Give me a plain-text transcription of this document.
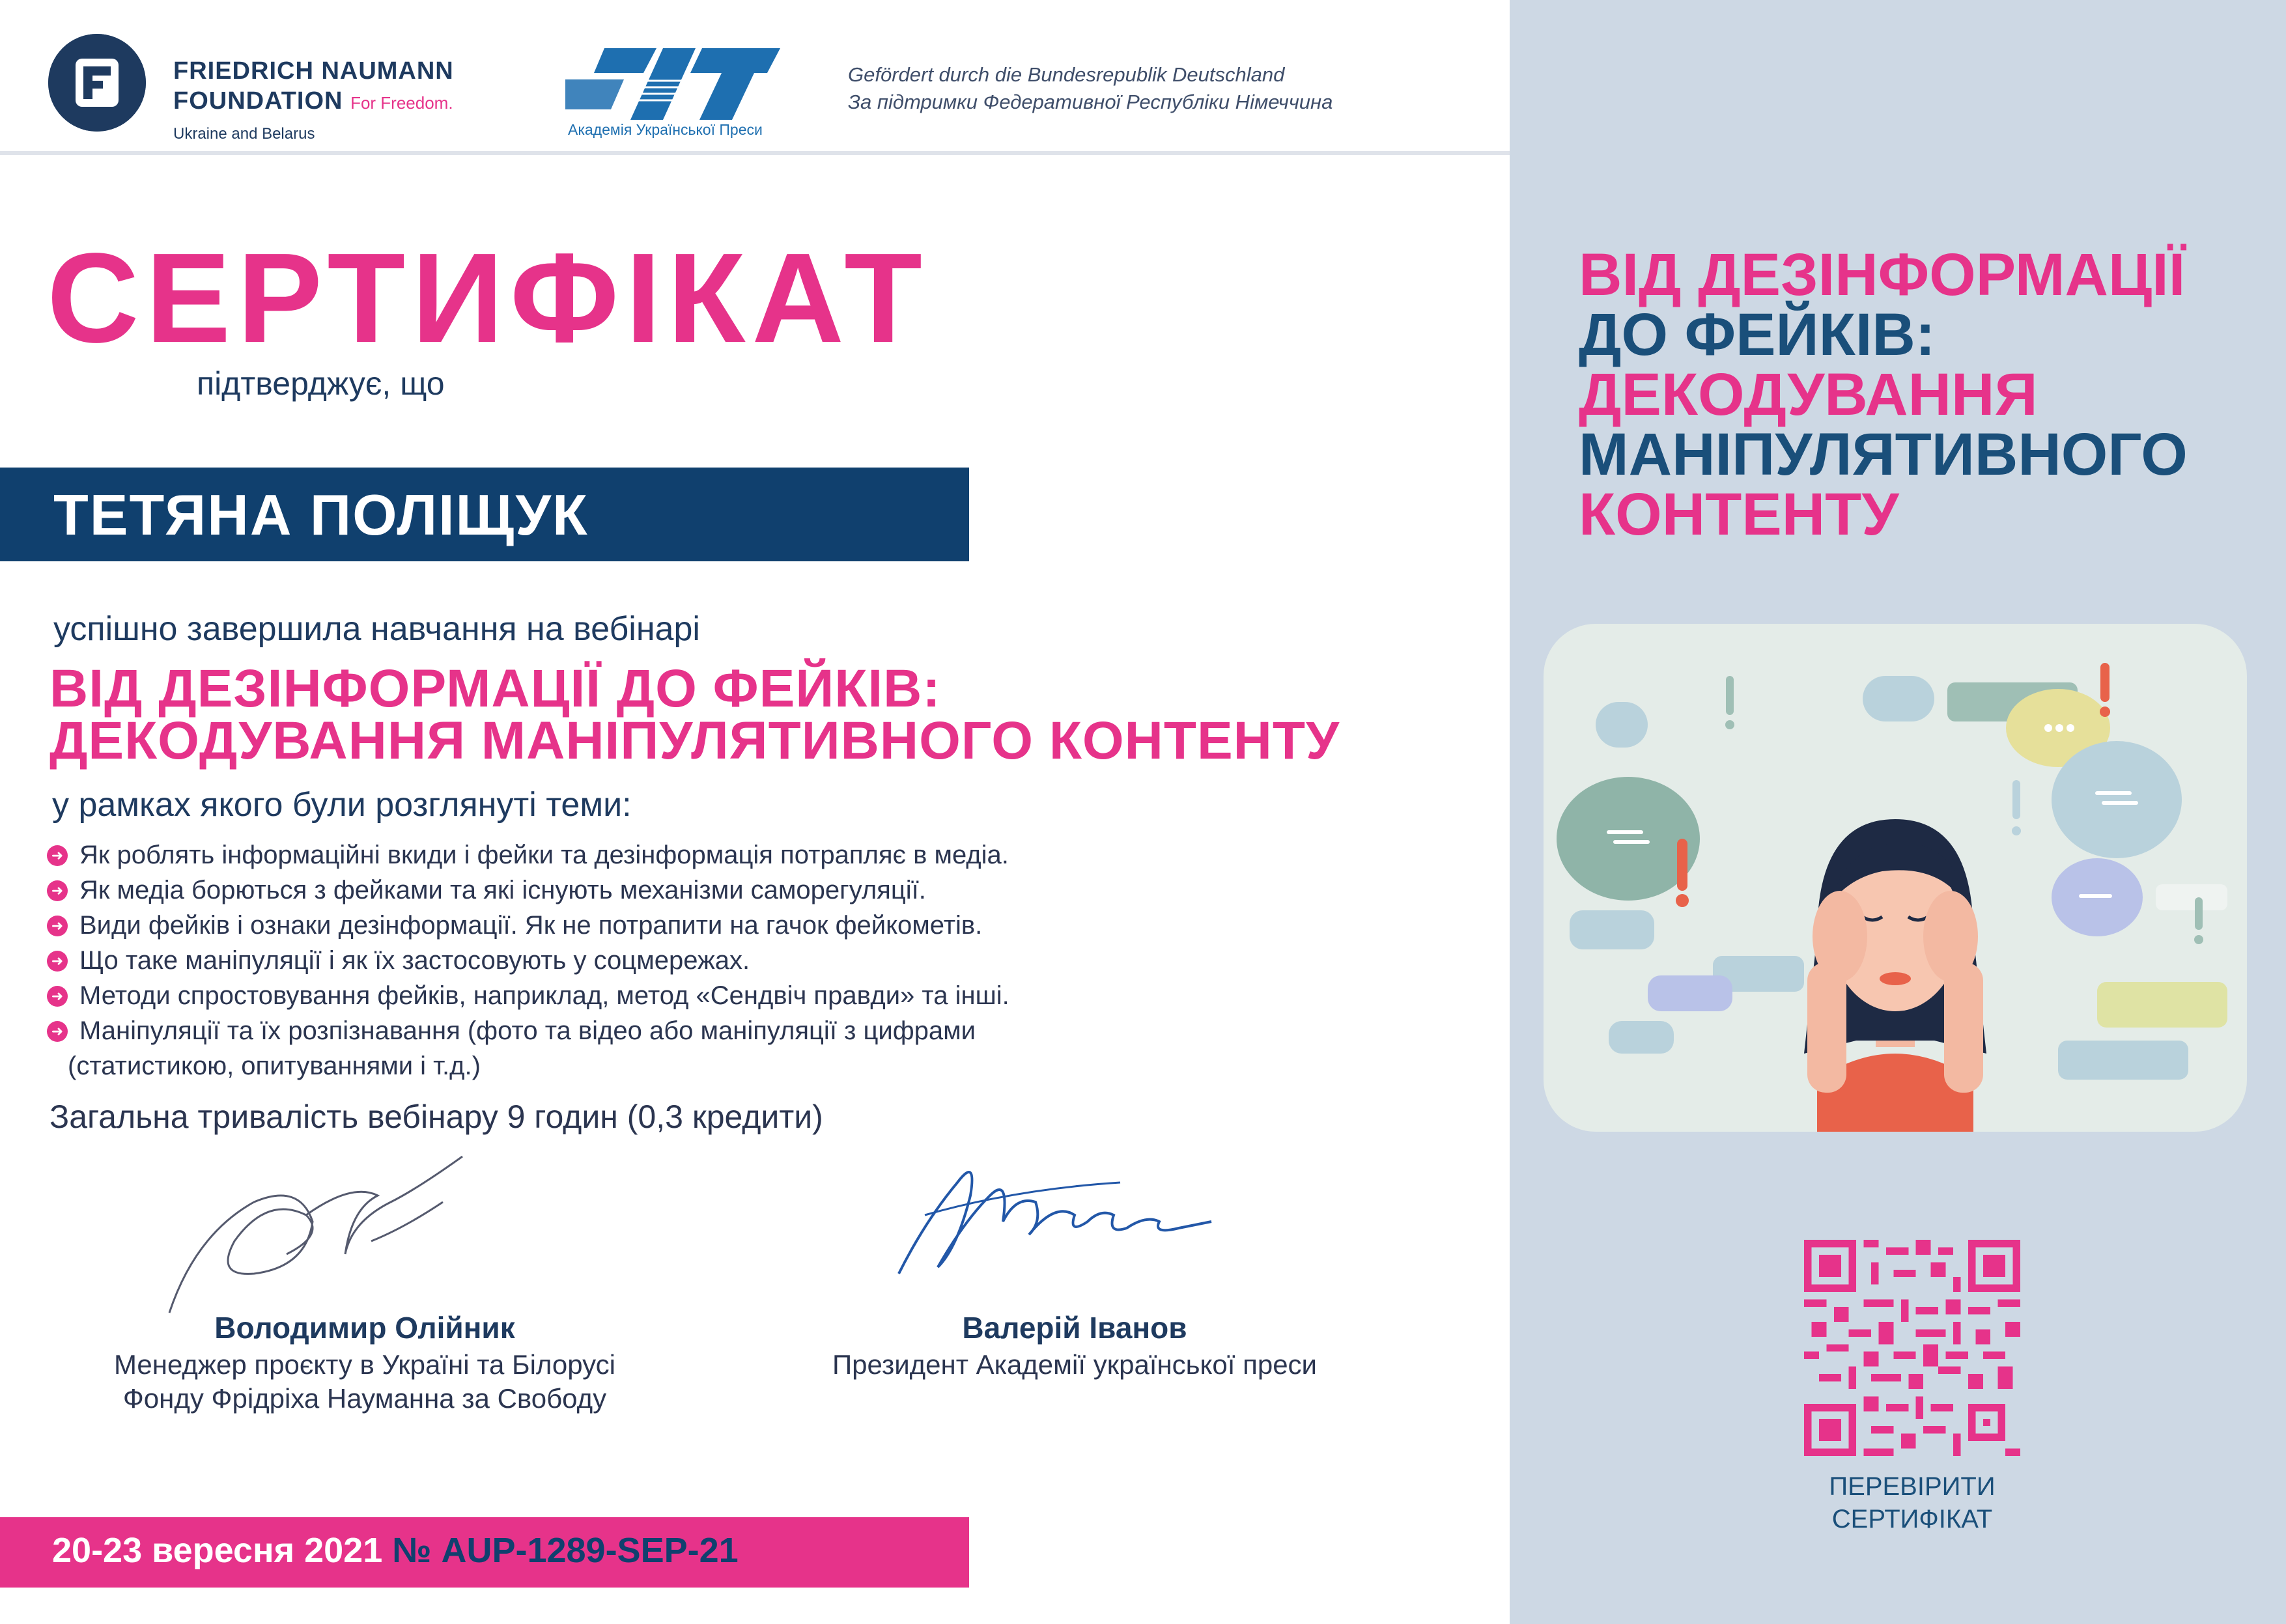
FRIEDRICH NAUMANN
FOUNDATION For Freedom.
Ukraine and Belarus	Академія Української Преси
Gefördert durch die Bundesrepublik Deutschland
За підтримки Федеративної Республіки Німеччина
ВІД ДЕЗІНФОРМАЦІЇ
ДО ФЕЙКІВ:
ДЕКОДУВАННЯ
МАНІПУЛЯТИВНОГО
КОНТЕНТУ
ПЕРЕВІРИТИ
СЕРТИФІКАТ
СЕРТИФІКАТ
підтверджує, що
ТЕТЯНА ПОЛІЩУК
успішно завершила навчання на вебінарі
ВІД ДЕЗІНФОРМАЦІЇ ДО ФЕЙКІВ:
ДЕКОДУВАННЯ МАНІПУЛЯТИВНОГО КОНТЕНТУ
у рамках якого були розглянуті теми:
➜ Як роблять інформаційні вкиди і фейки та дезінформація потрапляє в медіа.
➜ Як медіа борються з фейками та які існують механізми саморегуляції.
➜ Види фейків і ознаки дезінформації. Як не потрапити на гачок фейкометів.
➜ Що таке маніпуляції і як їх застосовують у соцмережах.
➜ Методи спростовування фейків, наприклад, метод «Сендвіч правди» та інші.
➜ Маніпуляції та їх розпізнавання (фото та відео або маніпуляції з цифрами
(статистикою, опитуваннями і т.д.)
Загальна тривалість вебінару 9 годин (0,3 кредити)
Володимир Олійник
Менеджер проєкту в Україні та Білорусі
Фонду Фрідріха Науманна за Свободу
Валерій Іванов
Президент Академії української преси
20-23 вересня 2021 № AUP-1289-SEP-21
